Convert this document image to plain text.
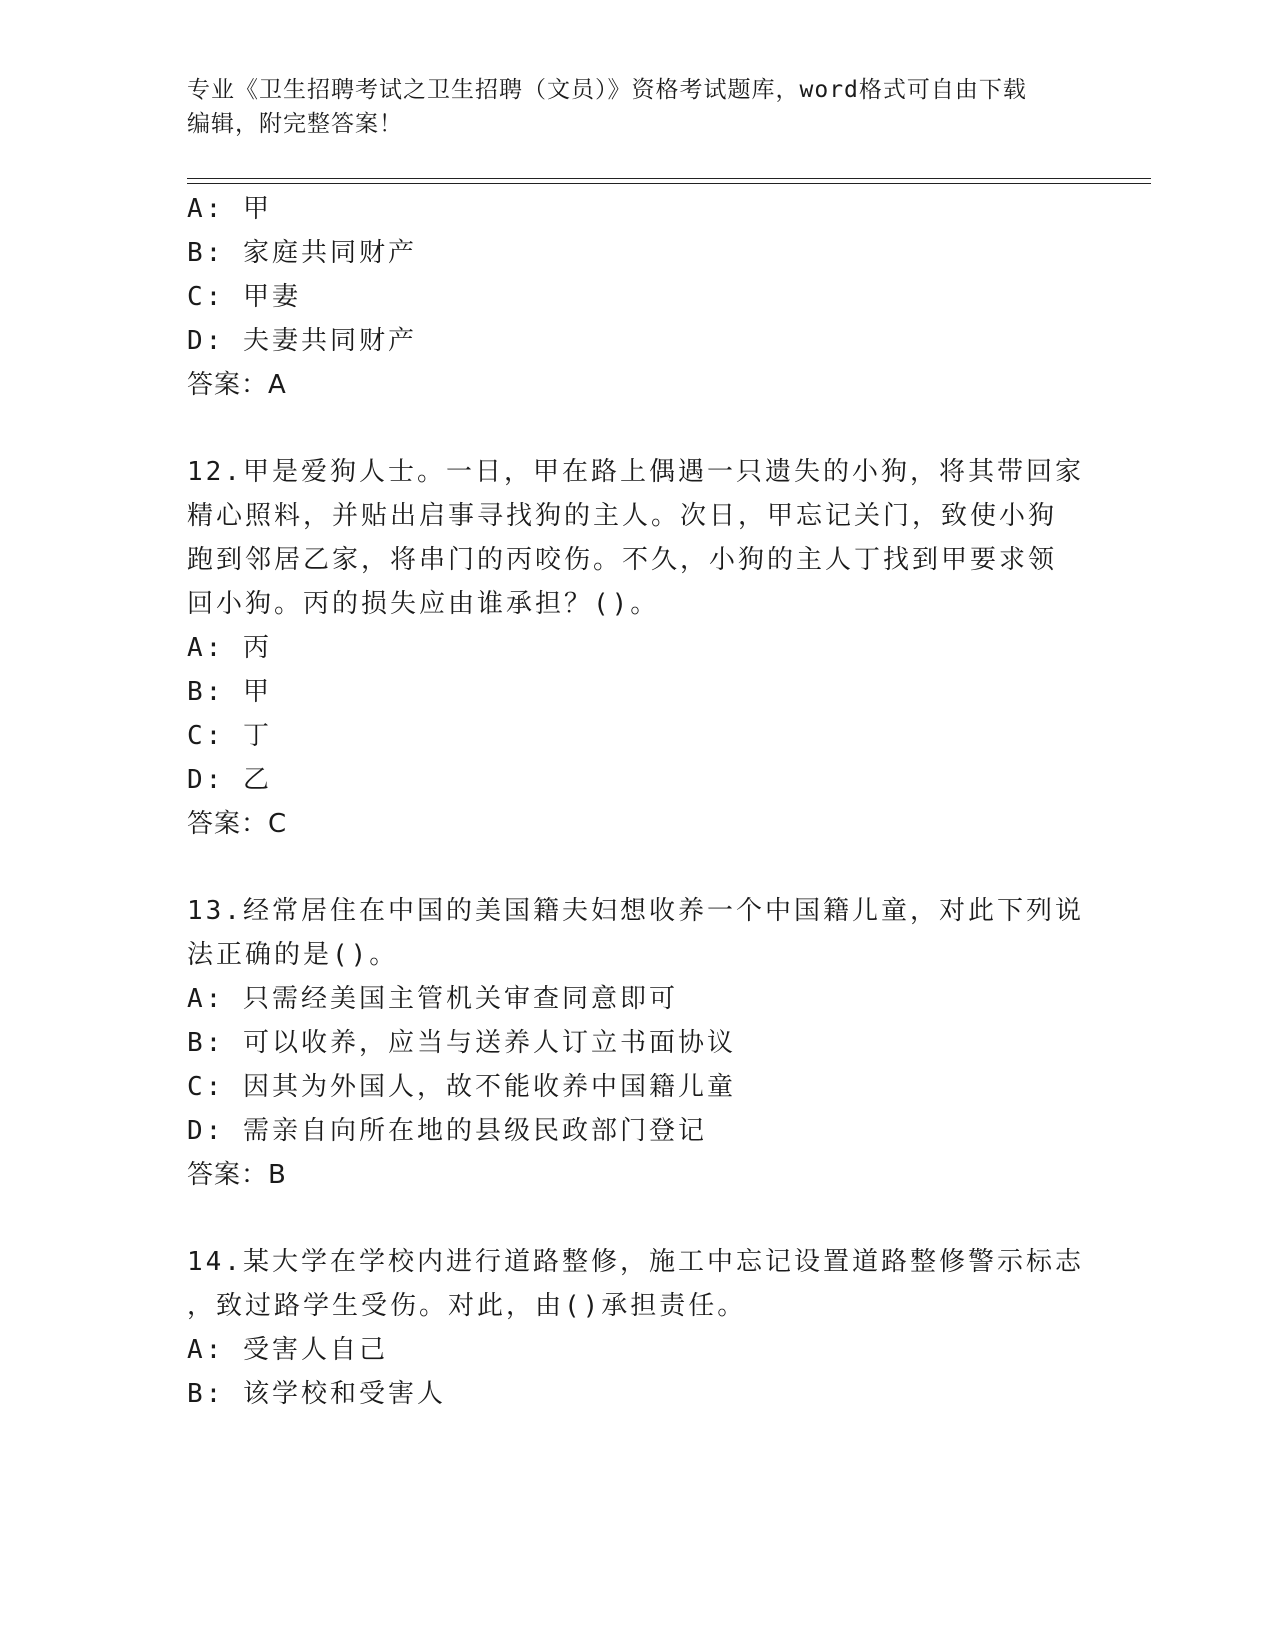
专业《卫生招聘考试之卫生招聘（文员）》资格考试题库，word格式可自由下载
编辑，附完整答案！
A: 甲
B: 家庭共同财产
C: 甲妻
D: 夫妻共同财产
答案：A
12.甲是爱狗人士。一日，甲在路上偶遇一只遗失的小狗，将其带回家
精心照料，并贴出启事寻找狗的主人。次日，甲忘记关门，致使小狗
跑到邻居乙家，将串门的丙咬伤。不久，小狗的主人丁找到甲要求领
回小狗。丙的损失应由谁承担？()。
A: 丙
B: 甲
C: 丁
D: 乙
答案：C
13.经常居住在中国的美国籍夫妇想收养一个中国籍儿童，对此下列说
法正确的是()。
A: 只需经美国主管机关审查同意即可
B: 可以收养，应当与送养人订立书面协议
C: 因其为外国人，故不能收养中国籍儿童
D: 需亲自向所在地的县级民政部门登记
答案：B
14.某大学在学校内进行道路整修，施工中忘记设置道路整修警示标志
，致过路学生受伤。对此，由()承担责任。
A: 受害人自己
B: 该学校和受害人
